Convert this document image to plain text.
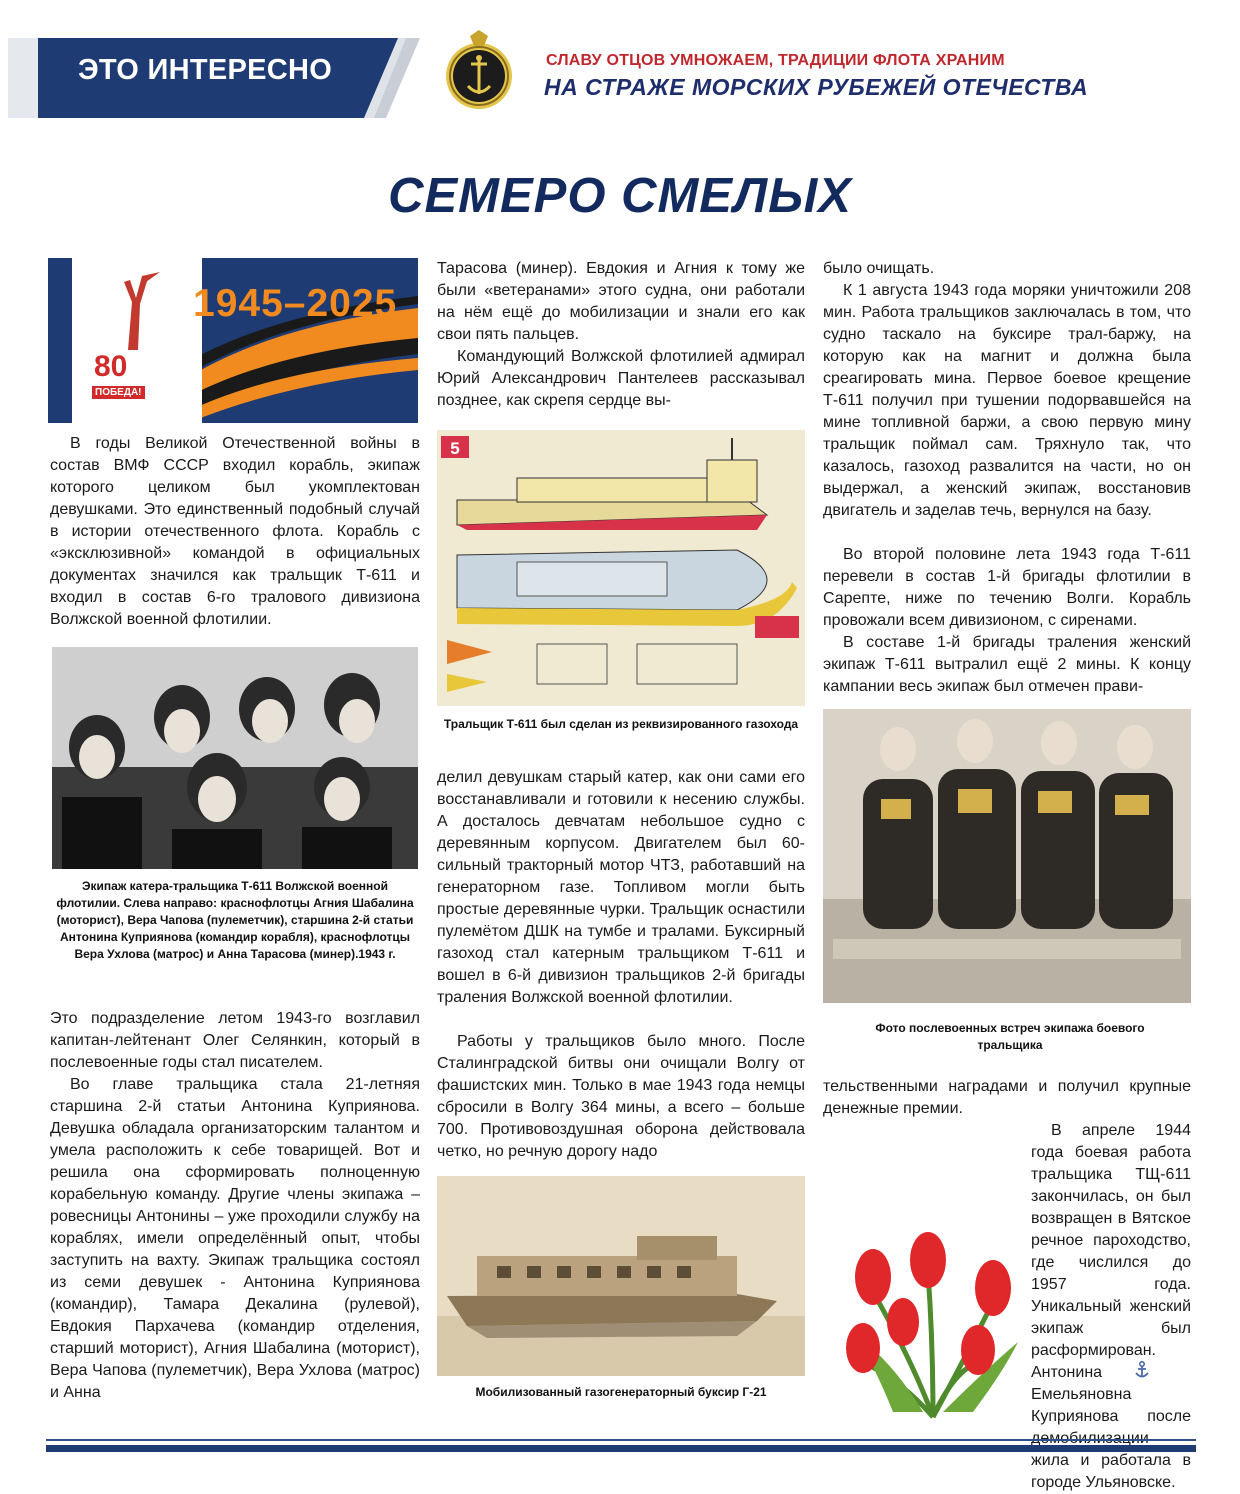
ЭТО ИНТЕРЕСНО	СЛАВУ ОТЦОВ УМНОЖАЕМ, ТРАДИЦИИ ФЛОТА ХРАНИМ
НА СТРАЖЕ МОРСКИХ РУБЕЖЕЙ ОТЕЧЕСТВА
СЕМЕРО СМЕЛЫХ
80
ПОБЕДА!
1945–2025

В годы Великой Отечественной войны в состав ВМФ СССР входил корабль, экипаж которого целиком был укомплектован девушками. Это единственный подобный случай в истории отечественного флота. Корабль с «эксклюзивной» командой в официальных документах значился как тральщик Т-611 и входил в состав 6-го тралового дивизиона Волжской военной флотилии.

Экипаж катера-тральщика Т-611 Волжской военной флотилии. Слева направо: краснофлотцы Агния Шабалина (моторист), Вера Чапова (пулеметчик), старшина 2-й статьи Антонина Куприянова (командир корабля), краснофлотцы Вера Ухлова (матрос) и Анна Тарасова (минер).1943 г.

Это подразделение летом 1943-го возглавил капитан-лейтенант Олег Селянкин, который в послевоенные годы стал писателем.

Во главе тральщика стала 21-летняя старшина 2-й статьи Антонина Куприянова. Девушка обладала организаторским талантом и умела расположить к себе товарищей. Вот и решила она сформировать полноценную корабельную команду. Другие члены экипажа – ровесницы Антонины – уже проходили службу на кораблях, имели определённый опыт, чтобы заступить на вахту. Экипаж тральщика состоял из семи девушек - Антонина Куприянова (командир), Тамара Декалина (рулевой), Евдокия Пархачева (командир отделения, старший моторист), Агния Шабалина (моторист), Вера Чапова (пулеметчик), Вера Ухлова (матрос) и Анна

Тарасова (минер). Евдокия и Агния к тому же были «ветеранами» этого судна, они работали на нём ещё до мобилизации и знали его как свои пять пальцев.

Командующий Волжской флотилией адмирал Юрий Александрович Пантелеев рассказывал позднее, как скрепя сердце вы-

5

Тральщик Т-611 был сделан из реквизированного газохода

делил девушкам старый катер, как они сами его восстанавливали и готовили к несению службы. А досталось девчатам небольшое судно с деревянным корпусом. Двигателем был 60-сильный тракторный мотор ЧТЗ, работавший на генераторном газе. Топливом могли быть простые деревянные чурки. Тральщик оснастили пулемётом ДШК на тумбе и тралами. Буксирный газоход стал катерным тральщиком Т-611 и вошел в 6-й дивизион тральщиков 2-й бригады траления Волжской военной флотилии.

Работы у тральщиков было много. После Сталинградской битвы они очищали Волгу от фашистских мин. Только в мае 1943 года немцы сбросили в Волгу 364 мины, а всего – больше 700. Противовоздушная оборона действовала четко, но речную дорогу надо

Мобилизованный газогенераторный буксир Г-21

было очищать.

К 1 августа 1943 года моряки уничтожили 208 мин. Работа тральщиков заключалась в том, что судно таскало на буксире трал-баржу, на которую как на магнит и должна была среагировать мина. Первое боевое крещение Т-611 получил при тушении подорвавшейся на мине топливной баржи, а свою первую мину тральщик поймал сам. Тряхнуло так, что казалось, газоход развалится на части, но он выдержал, а женский экипаж, восстановив двигатель и заделав течь, вернулся на базу.

Во второй половине лета 1943 года Т-611 перевели в состав 1-й бригады флотилии в Сарепте, ниже по течению Волги. Корабль провожали всем дивизионом, с сиренами.

В составе 1-й бригады траления женский экипаж Т-611 вытралил ещё 2 мины. К концу кампании весь экипаж был отмечен прави-

Фото послевоенных встреч экипажа боевого тральщика

тельственными наградами и получил крупные денежные премии.

В апреле 1944 года боевая работа тральщика ТЩ-611 закончилась, он был возвращен в Вятское речное пароходство, где числился до 1957 года. Уникальный женский экипаж был расформирован. Антонина Емельяновна Куприянова после жила и работала в городе Ульяновске.
